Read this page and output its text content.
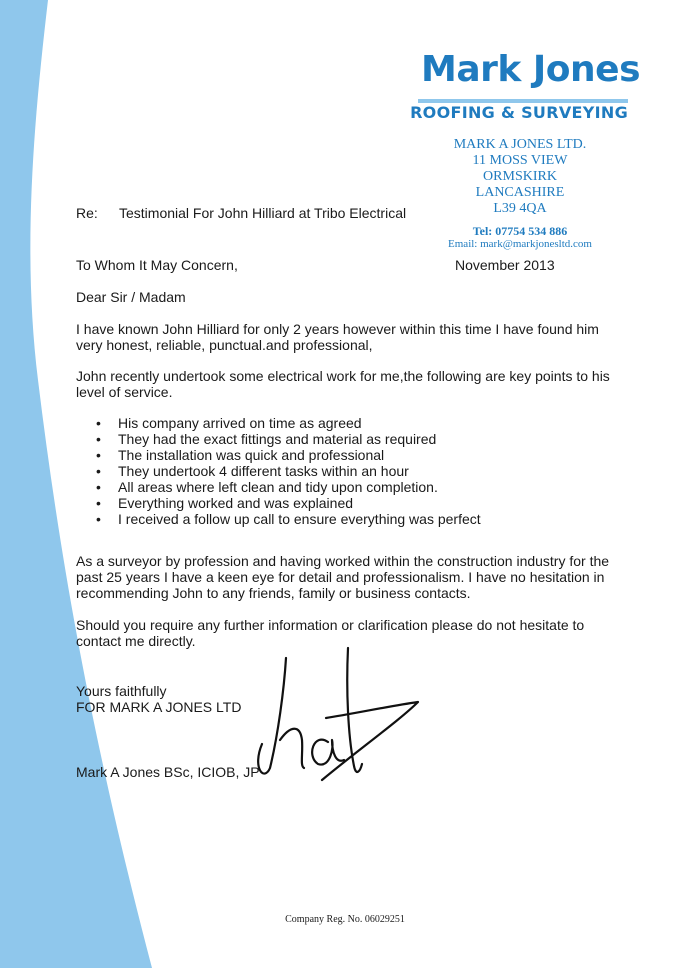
Mark Jones
ROOFING & SURVEYING
MARK A JONES LTD.
11 MOSS VIEW
ORMSKIRK
LANCASHIRE
L39 4QA
Tel: 07754 534 886
Email: mark@markjonesltd.com
Re: Testimonial For John Hilliard at Tribo Electrical
To Whom It May Concern,	November 2013
Dear Sir / Madam
I have known John Hilliard for only 2 years however within this time I have found him very honest, reliable, punctual.and professional,
John recently undertook some electrical work for me,the following are key points to his level of service.
• His company arrived on time as agreed
• They had the exact fittings and material as required
• The installation was quick and professional
• They undertook 4 different tasks within an hour
• All areas where left clean and tidy upon completion.
• Everything worked and was explained
• I received a follow up call to ensure everything was perfect
As a surveyor by profession and having worked within the construction industry for the past 25 years I have a keen eye for detail and professionalism. I have no hesitation in recommending John to any friends, family or business contacts.
Should you require any further information or clarification please do not hesitate to contact me directly.
Yours faithfully
FOR MARK A JONES LTD
Mark A Jones BSc, ICIOB, JP
Company Reg. No. 06029251
